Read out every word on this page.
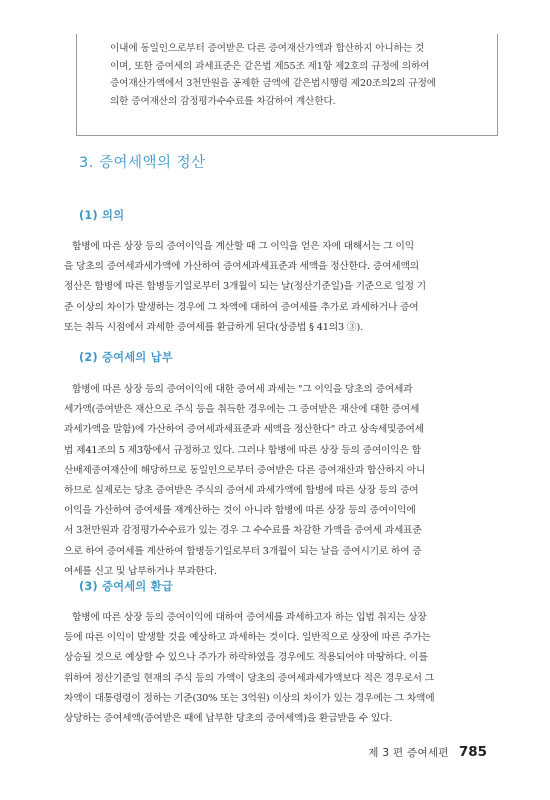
이내에 동일인으로부터 증여받은 다른 증여재산가액과 합산하지 아니하는 것

이며, 또한 증여세의 과세표준은 같은법 제55조 제1항 제2호의 규정에 의하여

증여재산가액에서 3천만원을 공제한 금액에 같은법시행령 제20조의2의 규정에

의한 증여재산의 감정평가수수료를 차감하여 계산한다.

3. 증여세액의 정산
(1) 의의

합병에 따른 상장 등의 증여이익을 계산할 때 그 이익을 얻은 자에 대해서는 그 이익

을 당초의 증여세과세가액에 가산하여 증여세과세표준과 세액을 정산한다. 증여세액의

정산은 합병에 따른 합병등기일로부터 3개월이 되는 날(정산기준일)을 기준으로 일정 기

준 이상의 차이가 발생하는 경우에 그 차액에 대하여 증여세를 추가로 과세하거나 증여

또는 취득 시점에서 과세한 증여세를 환급하게 된다(상증법 § 41의3 ③).

(2) 증여세의 납부

합병에 따른 상장 등의 증여이익에 대한 증여세 과세는 "그 이익을 당초의 증여세과

세가액(증여받은 재산으로 주식 등을 취득한 경우에는 그 증여받은 재산에 대한 증여세

과세가액을 말함)에 가산하여 증여세과세표준과 세액을 정산한다" 라고 상속세및증여세

법 제41조의 5 제3항에서 규정하고 있다. 그러나 합병에 따른 상장 등의 증여이익은 합

산배제증여재산에 해당하므로 동일인으로부터 증여받은 다른 증여재산과 합산하지 아니

하므로 실제로는 당초 증여받은 주식의 증여세 과세가액에 합병에 따른 상장 등의 증여

이익을 가산하여 증여세를 재계산하는 것이 아니라 합병에 따른 상장 등의 증여이익에

서 3천만원과 감정평가수수료가 있는 경우 그 수수료를 차감한 가액을 증여세 과세표준

으로 하여 증여세를 계산하여 합병등기일로부터 3개월이 되는 날을 증여시기로 하여 증

여세를 신고 및 납부하거나 부과한다.

(3) 증여세의 환급

합병에 따른 상장 등의 증여이익에 대하여 증여세를 과세하고자 하는 입법 취지는 상장

등에 따른 이익이 발생할 것을 예상하고 과세하는 것이다. 일반적으로 상장에 따른 주가는

상승될 것으로 예상할 수 있으나 주가가 하락하였을 경우에도 적용되어야 마땅하다. 이를

위하여 정산기준일 현재의 주식 등의 가액이 당초의 증여세과세가액보다 적은 경우로서 그

차액이 대통령령이 정하는 기준(30% 또는 3억원) 이상의 차이가 있는 경우에는 그 차액에

상당하는 증여세액(증여받은 때에 납부한 당초의 증여세액)을 환급받을 수 있다.

제 3 편 증여세편 785
